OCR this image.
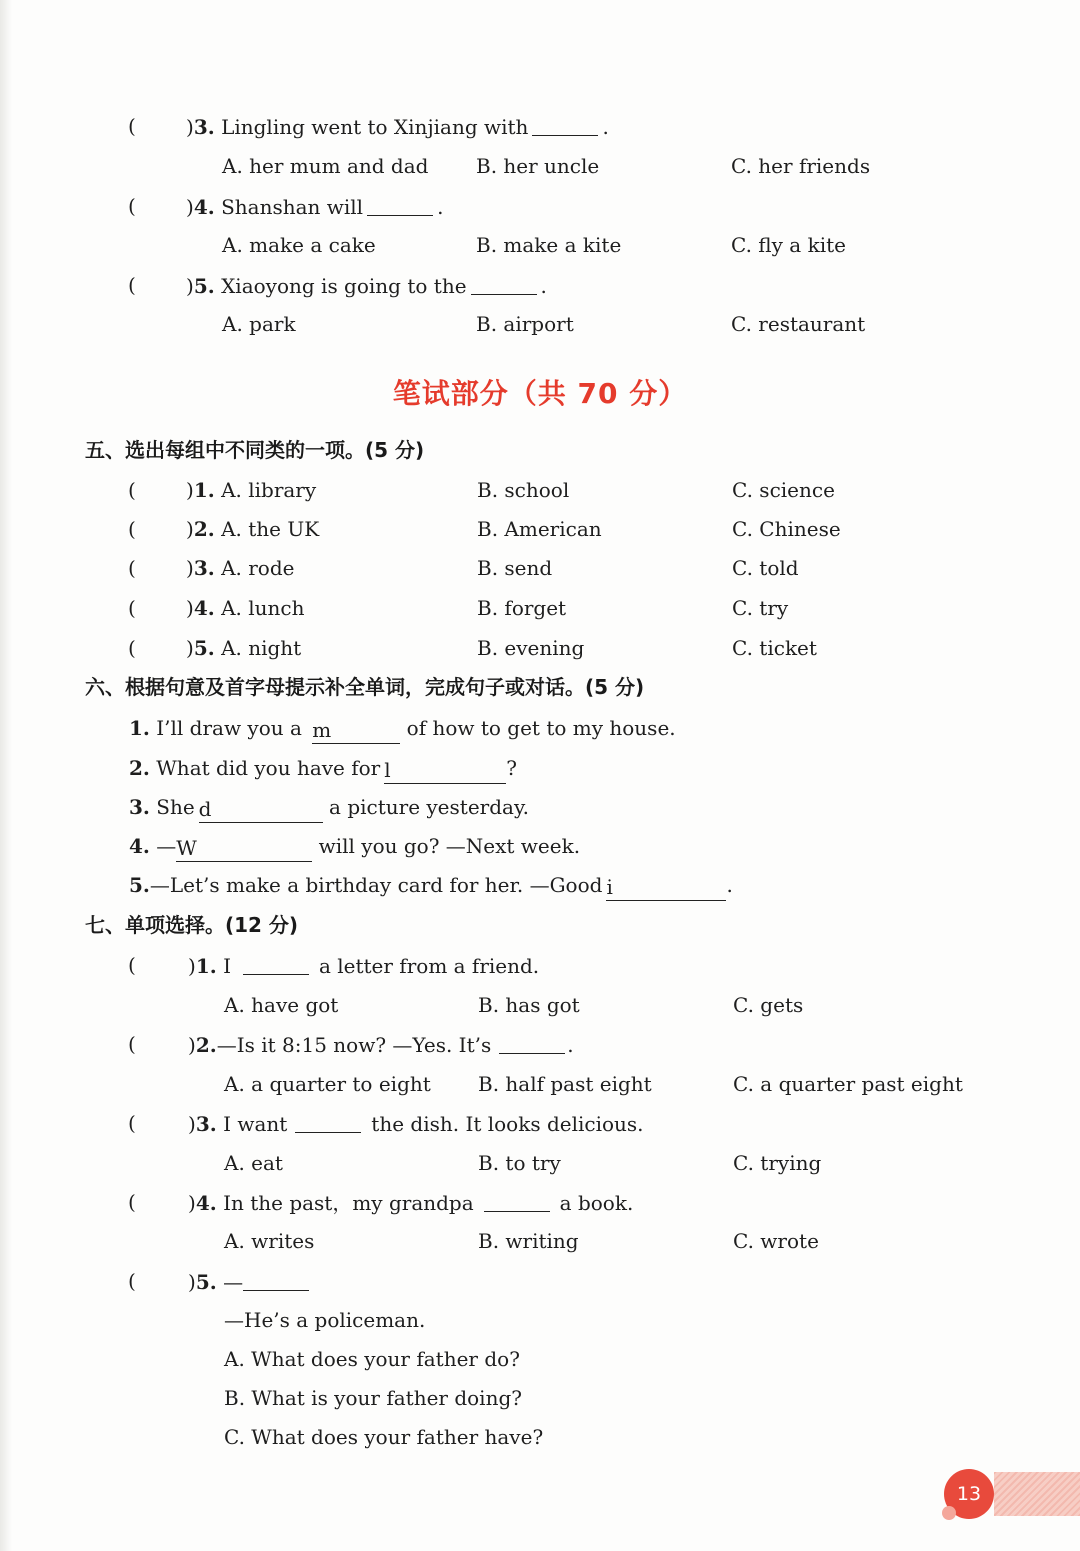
(	)3. Lingling went to Xinjiang with	.
A. her mum and dad B. her uncle	C. her friends
(	)4. Shanshan will	.
A. make a cake	B. make a kite	C. fly a kite
(	)5. Xiaoyong is going to the	.
A. park	B. airport	C. restaurant
笔试部分（共 70 分）
五、选出每组中不同类的一项。(5 分)
(	)1. A. library	B. school	C. science
(	)2. A. the UK	B. American	C. Chinese
(	)3. A. rode	B. send	C. told
(	)4. A. lunch	B. forget	C. try
(	)5. A. night	B. evening	C. ticket
六、根据句意及首字母提示补全单词，完成句子或对话。(5 分)
1. I’ll draw you a m	of how to get to my house.
2. What did you have for l	?
3. She d	a picture yesterday.
4. —W	will you go? —Next week.
5.—Let’s make a birthday card for her. —Good i	.
七、单项选择。(12 分)
(	)1. I	a letter from a friend.
A. have got	B. has got	C. gets
(	)2.—Is it 8:15 now? —Yes. It’s	.
A. a quarter to eight B. half past eight	C. a quarter past eight
(	)3. I want	the dish. It looks delicious.
A. eat	B. to try	C. trying
(	)4. In the past，my grandpa	a book.
A. writes	B. writing	C. wrote
(	)5. —
—He’s a policeman.
A. What does your father do?
B. What is your father doing?
C. What does your father have?
13
